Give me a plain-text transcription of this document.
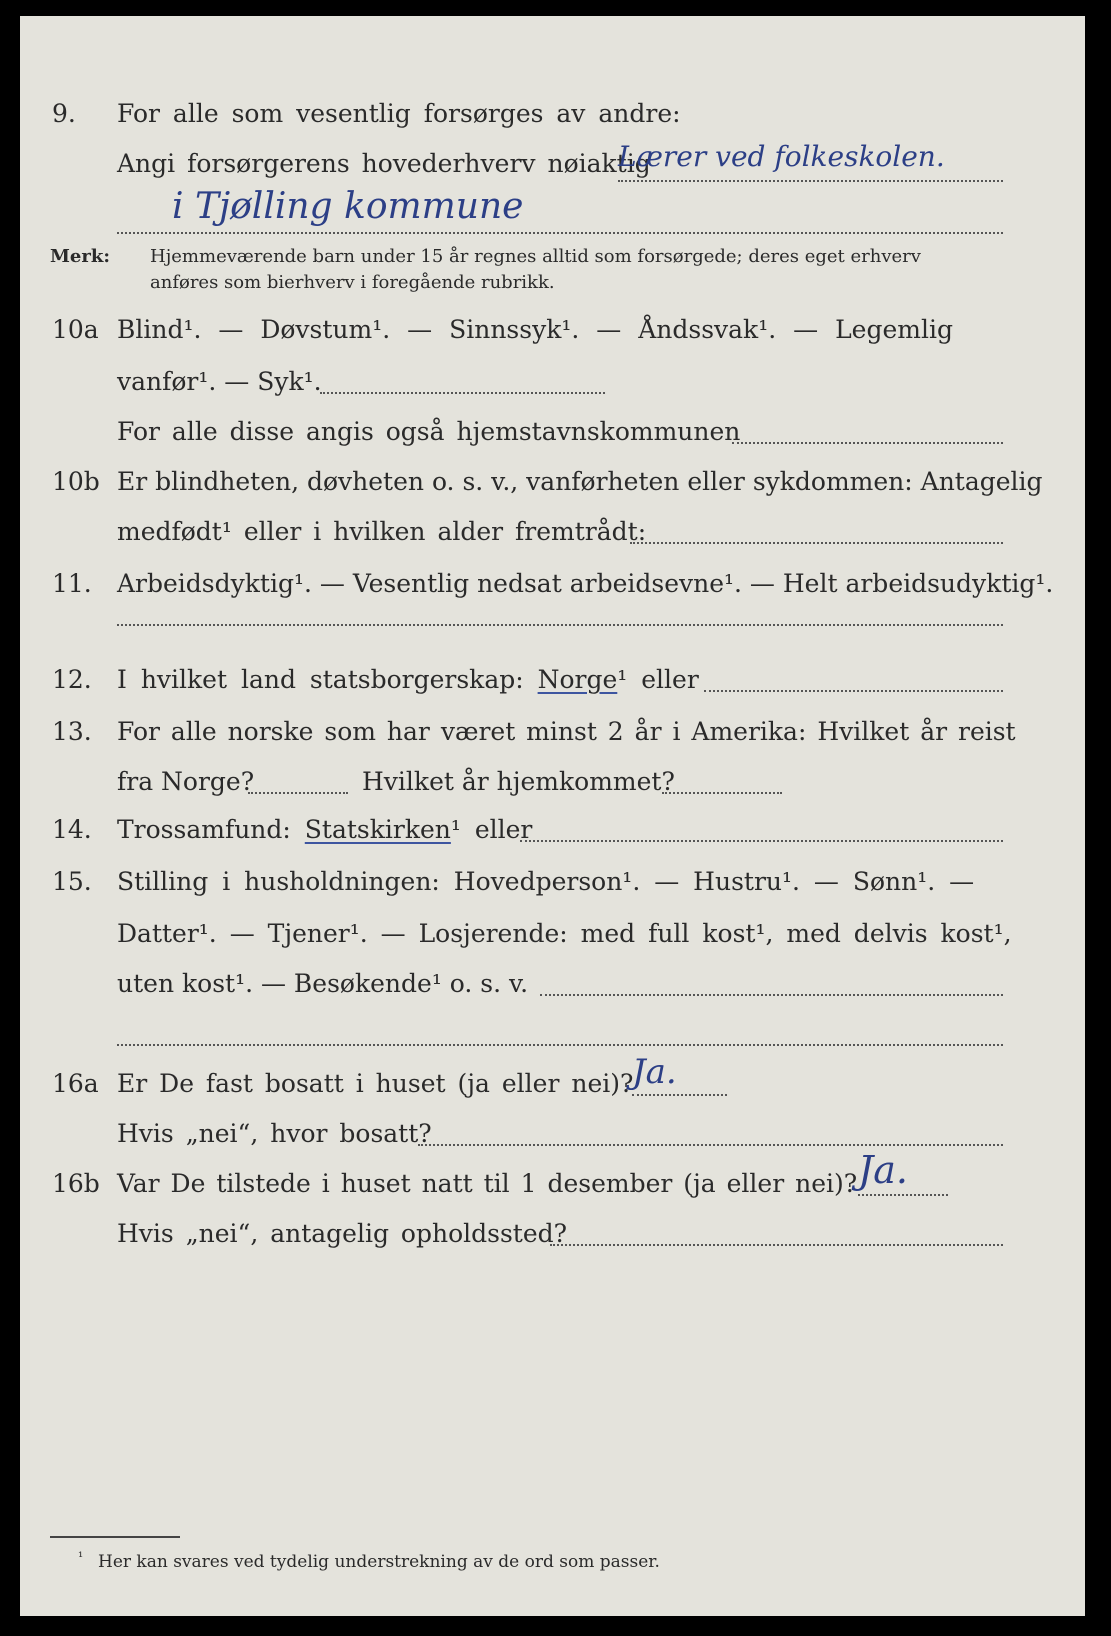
9. For alle som vesentlig forsørges av andre:
Angi forsørgerens hovederhverv nøiaktig
Lærer ved folkeskolen.
i Tjølling kommune
Merk: Hjemmeværende barn under 15 år regnes alltid som forsørgede; deres eget erhverv
anføres som bierhverv i foregående rubrikk.
10a Blind¹. — Døvstum¹. — Sinnssyk¹. — Åndssvak¹. — Legemlig
vanfør¹. — Syk¹.
For alle disse angis også hjemstavnskommunen
10b Er blindheten, døvheten o. s. v., vanførheten eller sykdommen: Antagelig
medfødt¹ eller i hvilken alder fremtrådt:
11. Arbeidsdyktig¹. — Vesentlig nedsat arbeidsevne¹. — Helt arbeidsudyktig¹.
12. I hvilket land statsborgerskap: Norge¹ eller
13. For alle norske som har været minst 2 år i Amerika: Hvilket år reist
fra Norge?	Hvilket år hjemkommet?
14. Trossamfund: Statskirken¹ eller
15. Stilling i husholdningen: Hovedperson¹. — Hustru¹. — Sønn¹. —
Datter¹. — Tjener¹. — Losjerende: med full kost¹, med delvis kost¹,
uten kost¹. — Besøkende¹ o. s. v.
16a Er De fast bosatt i huset (ja eller nei)?
Ja.
Hvis „nei“, hvor bosatt?
16b Var De tilstede i huset natt til 1 desember (ja eller nei)? Ja.
Hvis „nei“, antagelig opholdssted?
¹ Her kan svares ved tydelig understrekning av de ord som passer.
